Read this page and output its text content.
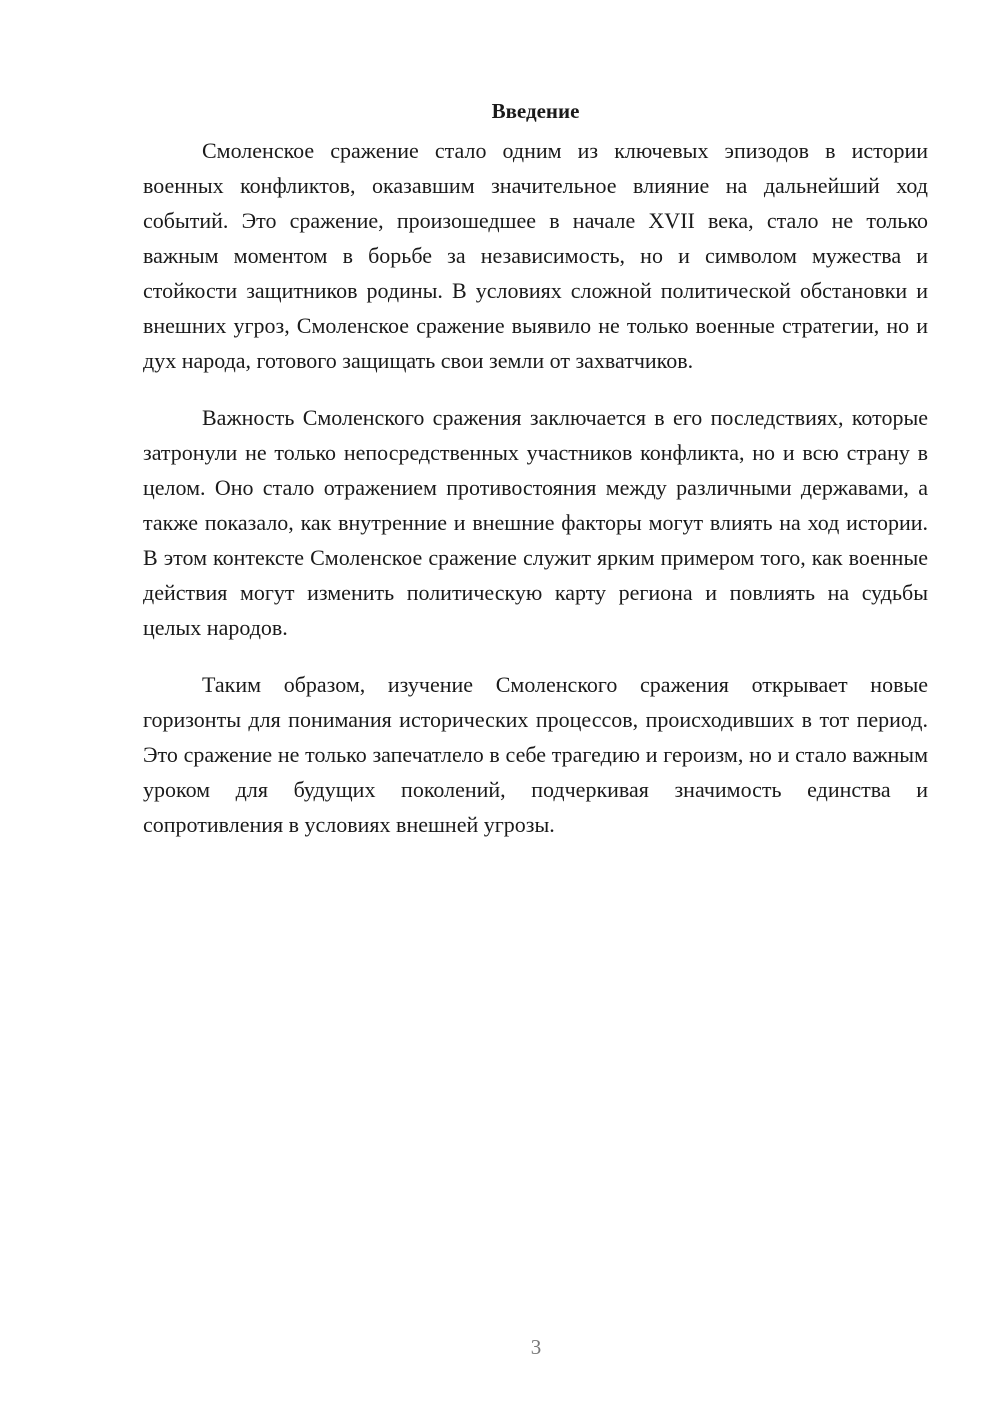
Введение

Смоленское сражение стало одним из ключевых эпизодов в истории военных конфликтов, оказавшим значительное влияние на дальнейший ход событий. Это сражение, произошедшее в начале XVII века, стало не только важным моментом в борьбе за независимость, но и символом мужества и стойкости защитников родины. В условиях сложной политической обстановки и внешних угроз, Смоленское сражение выявило не только военные стратегии, но и дух народа, готового защищать свои земли от захватчиков.

Важность Смоленского сражения заключается в его последствиях, которые затронули не только непосредственных участников конфликта, но и всю страну в целом. Оно стало отражением противостояния между различными державами, а также показало, как внутренние и внешние факторы могут влиять на ход истории. В этом контексте Смоленское сражение служит ярким примером того, как военные действия могут изменить политическую карту региона и повлиять на судьбы целых народов.

Таким образом, изучение Смоленского сражения открывает новые горизонты для понимания исторических процессов, происходивших в тот период. Это сражение не только запечатлело в себе трагедию и героизм, но и стало важным уроком для будущих поколений, подчеркивая значимость единства и сопротивления в условиях внешней угрозы.

3
